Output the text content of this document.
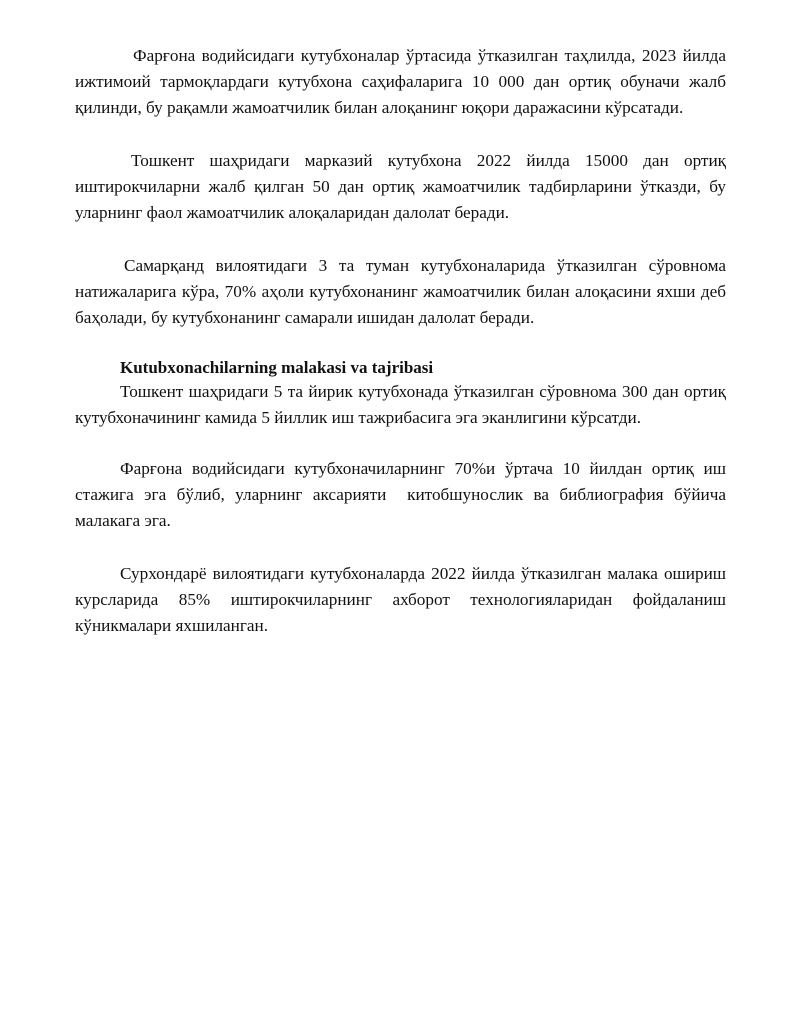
Фарғона водийсидаги кутубхоналар ўртасида ўтказилган таҳлилда, 2023 йилда ижтимоий тармоқлардаги кутубхона саҳифаларига 10 000 дан ортиқ обуначи жалб қилинди, бу рақамли жамоатчилик билан алоқанинг юқори даражасини кўрсатади.

Тошкент шаҳридаги марказий кутубхона 2022 йилда 15000 дан ортиқ иштирокчиларни жалб қилган 50 дан ортиқ жамоатчилик тадбирларини ўтказди, бу уларнинг фаол жамоатчилик алоқаларидан далолат беради.

Самарқанд вилоятидаги 3 та туман кутубхоналарида ўтказилган сўровнома натижаларига кўра, 70% аҳоли кутубхонанинг жамоатчилик билан алоқасини яхши деб баҳолади, бу кутубхонанинг самарали ишидан далолат беради.

Kutubxonachilarning malakasi va tajribasi

Тошкент шаҳридаги 5 та йирик кутубхонада ўтказилган сўровнома 300 дан ортиқ кутубхоначининг камида 5 йиллик иш тажрибасига эга эканлигини кўрсатди.

Фарғона водийсидаги кутубхоначиларнинг 70%и ўртача 10 йилдан ортиқ иш стажига эга бўлиб, уларнинг аксарияти  китобшунослик ва библиография бўйича малакага эга.

Сурхондарё вилоятидаги кутубхоналарда 2022 йилда ўтказилган малака ошириш курсларида 85% иштирокчиларнинг ахборот технологияларидан фойдаланиш кўникмалари яхшиланган.
